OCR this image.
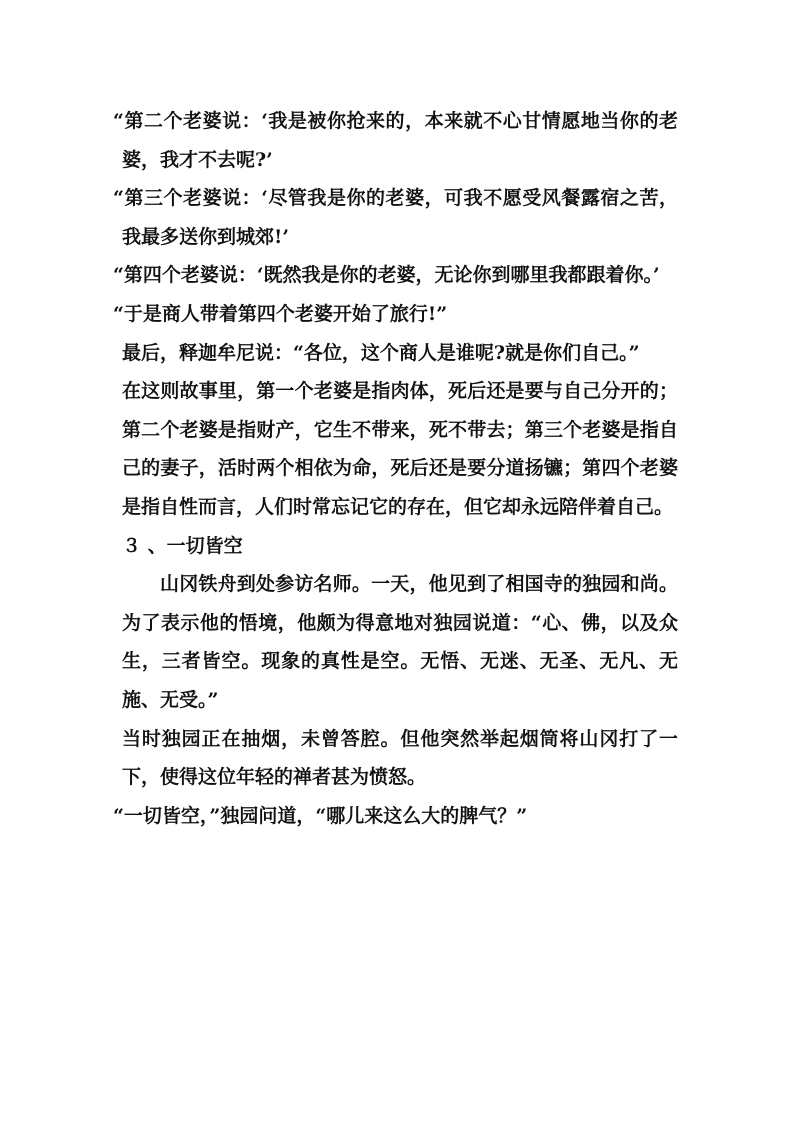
“第二个老婆说：‘我是被你抢来的，本来就不心甘情愿地当你的老婆，我才不去呢?’

“第三个老婆说：‘尽管我是你的老婆，可我不愿受风餐露宿之苦，我最多送你到城郊!’

“第四个老婆说：‘既然我是你的老婆，无论你到哪里我都跟着你。’

“于是商人带着第四个老婆开始了旅行!”

最后，释迦牟尼说：“各位，这个商人是谁呢?就是你们自己。”

在这则故事里，第一个老婆是指肉体，死后还是要与自己分开的；第二个老婆是指财产，它生不带来，死不带去；第三个老婆是指自己的妻子，活时两个相依为命，死后还是要分道扬镳；第四个老婆是指自性而言，人们时常忘记它的存在，但它却永远陪伴着自己。

３ 、一切皆空

山冈铁舟到处参访名师。一天，他见到了相国寺的独园和尚。为了表示他的悟境，他颇为得意地对独园说道：“心、佛，以及众生，三者皆空。现象的真性是空。无悟、无迷、无圣、无凡、无施、无受。”

当时独园正在抽烟，未曾答腔。但他突然举起烟筒将山冈打了一下，使得这位年轻的禅者甚为愤怒。

“一切皆空，”独园问道，“哪儿来这么大的脾气？”
